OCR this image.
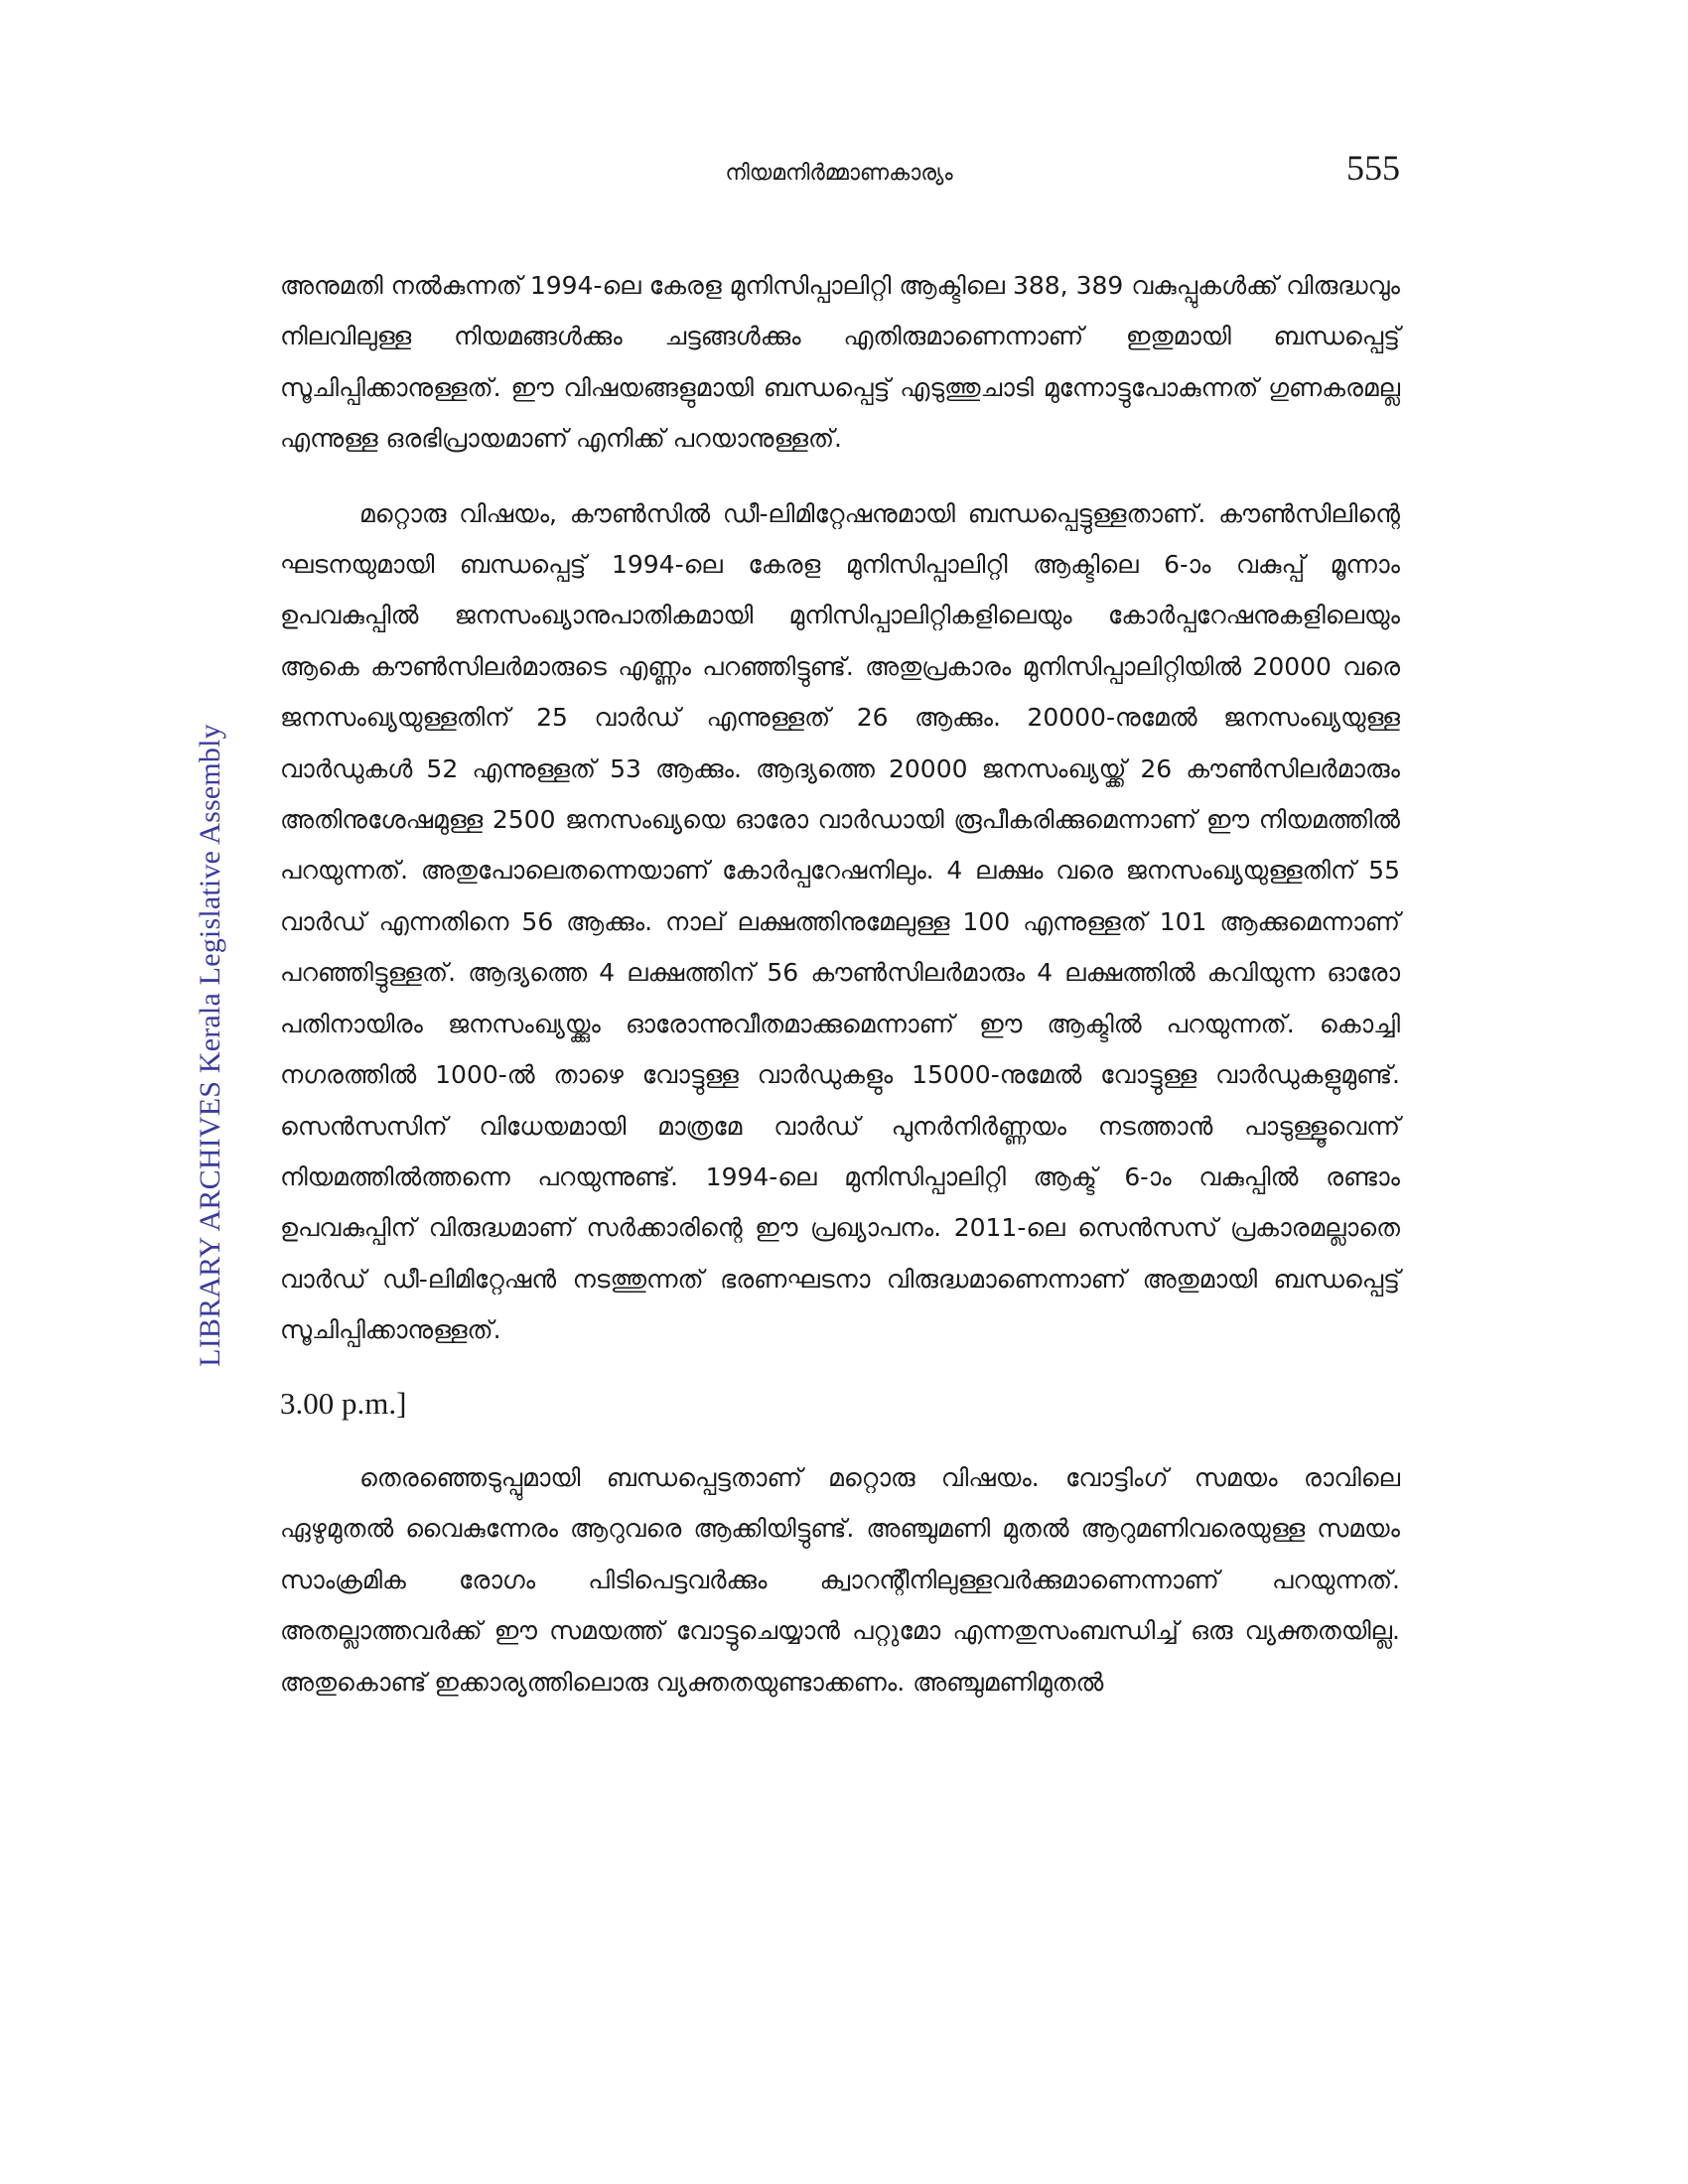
നിയമനിർമ്മാണകാര്യം	555
LIBRARY ARCHIVES Kerala Legislative Assembly

അനുമതി നൽകുന്നത് 1994-ലെ കേരള മുനിസിപ്പാലിറ്റി ആക്ടിലെ 388, 389 വകുപ്പുകൾക്ക് വിരുദ്ധവും നിലവിലുള്ള നിയമങ്ങൾക്കും ചട്ടങ്ങൾക്കും എതിരുമാണെന്നാണ് ഇതുമായി ബന്ധപ്പെട്ട് സൂചിപ്പിക്കാനുള്ളത്. ഈ വിഷയങ്ങളുമായി ബന്ധപ്പെട്ട് എടുത്തുചാടി മുന്നോട്ടുപോകുന്നത് ഗുണകരമല്ല എന്നുള്ള ഒരഭിപ്രായമാണ് എനിക്ക് പറയാനുള്ളത്.

മറ്റൊരു വിഷയം, കൗൺസിൽ ഡീ-ലിമിറ്റേഷനുമായി ബന്ധപ്പെട്ടുള്ളതാണ്. കൗൺസിലിന്റെ ഘടനയുമായി ബന്ധപ്പെട്ട് 1994-ലെ കേരള മുനിസിപ്പാലിറ്റി ആക്ടിലെ 6-ാം വകുപ്പ് മൂന്നാം ഉപവകുപ്പിൽ ജനസംഖ്യാനുപാതികമായി മുനിസിപ്പാലിറ്റികളിലെയും കോർപ്പറേഷനുകളിലെയും ആകെ കൗൺസിലർമാരുടെ എണ്ണം പറഞ്ഞിട്ടുണ്ട്. അതുപ്രകാരം മുനിസിപ്പാലിറ്റിയിൽ 20000 വരെ ജനസംഖ്യയുള്ളതിന് 25 വാർഡ് എന്നുള്ളത് 26 ആക്കും. 20000-നുമേൽ ജനസംഖ്യയുള്ള വാർഡുകൾ 52 എന്നുള്ളത് 53 ആക്കും. ആദ്യത്തെ 20000 ജനസംഖ്യയ്ക്ക് 26 കൗൺസിലർമാരും അതിനുശേഷമുള്ള 2500 ജനസംഖ്യയെ ഓരോ വാർഡായി രൂപീകരിക്കുമെന്നാണ് ഈ നിയമത്തിൽ പറയുന്നത്. അതുപോലെതന്നെയാണ് കോർപ്പറേഷനിലും. 4 ലക്ഷം വരെ ജനസംഖ്യയുള്ളതിന് 55 വാർഡ് എന്നതിനെ 56 ആക്കും. നാല് ലക്ഷത്തിനുമേലുള്ള 100 എന്നുള്ളത് 101 ആക്കുമെന്നാണ് പറഞ്ഞിട്ടുള്ളത്. ആദ്യത്തെ 4 ലക്ഷത്തിന് 56 കൗൺസിലർമാരും 4 ലക്ഷത്തിൽ കവിയുന്ന ഓരോ പതിനായിരം ജനസംഖ്യയ്ക്കും ഓരോന്നുവീതമാക്കുമെന്നാണ് ഈ ആക്ടിൽ പറയുന്നത്. കൊച്ചി നഗരത്തിൽ 1000-ൽ താഴെ വോട്ടുള്ള വാർഡുകളും 15000-നുമേൽ വോട്ടുള്ള വാർഡുകളുമുണ്ട്. സെൻസസിന് വിധേയമായി മാത്രമേ വാർഡ് പുനർനിർണ്ണയം നടത്താൻ പാടുള്ളൂവെന്ന് നിയമത്തിൽത്തന്നെ പറയുന്നുണ്ട്. 1994-ലെ മുനിസിപ്പാലിറ്റി ആക്ട് 6-ാം വകുപ്പിൽ രണ്ടാം ഉപവകുപ്പിന് വിരുദ്ധമാണ് സർക്കാരിന്റെ ഈ പ്രഖ്യാപനം. 2011-ലെ സെൻസസ് പ്രകാരമല്ലാതെ വാർഡ് ഡീ-ലിമിറ്റേഷൻ നടത്തുന്നത് ഭരണഘടനാ വിരുദ്ധമാണെന്നാണ് അതുമായി ബന്ധപ്പെട്ട് സൂചിപ്പിക്കാനുള്ളത്.

3.00 p.m.]

തെരഞ്ഞെടുപ്പുമായി ബന്ധപ്പെട്ടതാണ് മറ്റൊരു വിഷയം. വോട്ടിംഗ് സമയം രാവിലെ ഏഴുമുതൽ വൈകുന്നേരം ആറുവരെ ആക്കിയിട്ടുണ്ട്. അഞ്ചുമണി മുതൽ ആറുമണിവരെയുള്ള സമയം സാംക്രമിക രോഗം പിടിപെട്ടവർക്കും ക്വാറന്റീനിലുള്ളവർക്കുമാണെന്നാണ് പറയുന്നത്. അതല്ലാത്തവർക്ക് ഈ സമയത്ത് വോട്ടുചെയ്യാൻ പറ്റുമോ എന്നതുസംബന്ധിച്ച് ഒരു വ്യക്തതയില്ല. അതുകൊണ്ട് ഇക്കാര്യത്തിലൊരു വ്യക്തതയുണ്ടാക്കണം. അഞ്ചുമണിമുതൽ
